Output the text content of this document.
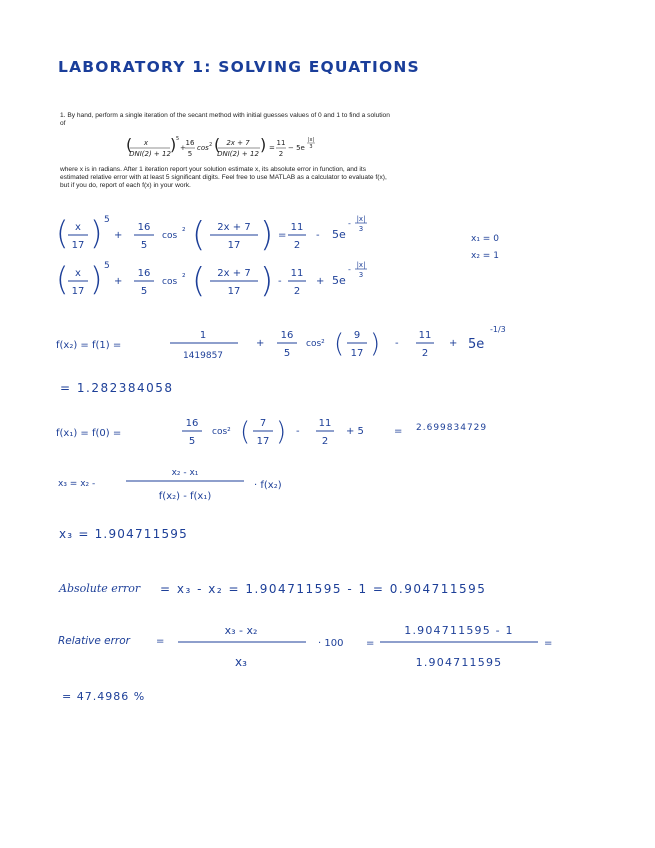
LABORATORY 1: SOLVING EQUATIONS
1. By hand, perform a single iteration of the secant method with initial guesses values of 0 and 1 to find a solution of
( x
DNI(2) + 12 ) 5
+
16
5
cos 2 ( 2x + 7
DNI(2) + 12 ) =
11
2
− 5e
|x|
3
where x is in radians. After 1 iteration report your solution estimate x, its absolute error in function, and its estimated relative error with at least 5 significant digits. Feel free to use MATLAB as a calculator to evaluate f(x), but if you do, report of each f(x) in your work.
( x
17 ) 5
+
16
5
cos ² ( 2x + 7
17 ) =
11
2
- 5e
- |x|
3
x₁ = 0
x₂ = 1
( x
17 ) 5
+
16
5
cos ² ( 2x + 7
17 ) -
11
2
+ 5e
- |x|
3
f(x₂) = f(1) =
1
1419857
+
16
5
cos² ( 9
17 ) -
11
2
+ 5e
-1/3
= 1.282384058
f(x₁) = f(0) =
16
5
cos² ( 7
17 ) -
11
2
+ 5	= 2.699834729
x₃ = x₂ -
x₂ - x₁
f(x₂) - f(x₁)
· f(x₂)
x₃ = 1.904711595
Absolute error = x₃ - x₂ = 1.904711595 - 1 = 0.904711595
Relative error	=
x₃ - x₂
x₃
· 100 =
1.904711595 - 1
1.904711595
=
= 47.4986 %
